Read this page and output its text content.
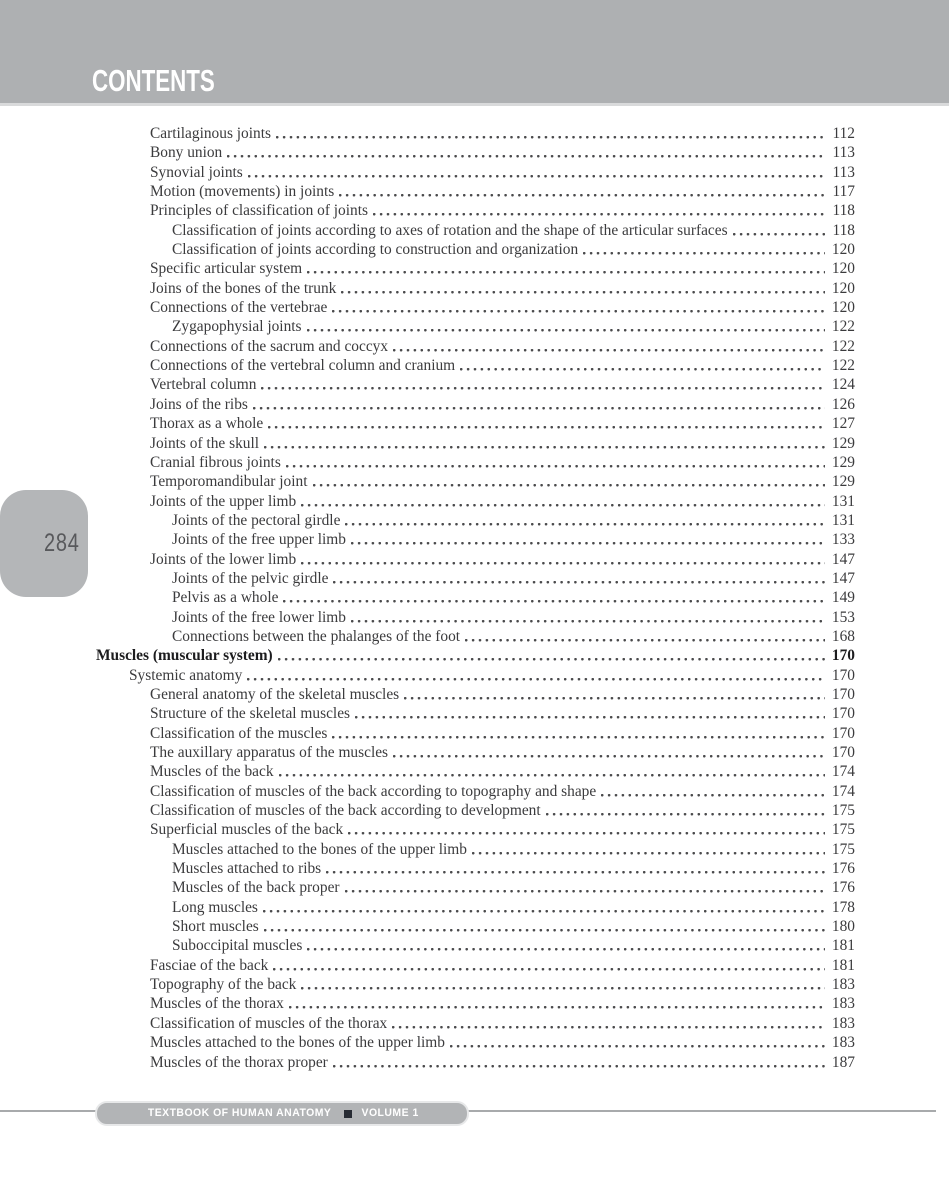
CONTENTS
Cartilaginous joints	112
Bony union	113
Synovial joints	113
Motion (movements) in joints	117
Principles of classification of joints	118
Classification of joints according to axes of rotation and the shape of the articular surfaces	118
Classification of joints according to construction and organization	120
Specific articular system	120
Joins of the bones of the trunk	120
Connections of the vertebrae	120
Zygapophysial joints	122
Connections of the sacrum and coccyx	122
Connections of the vertebral column and cranium	122
Vertebral column	124
Joins of the ribs	126
Thorax as a whole	127
Joints of the skull	129
Cranial fibrous joints	129
Temporomandibular joint	129
Joints of the upper limb	131
Joints of the pectoral girdle	131
Joints of the free upper limb	133
Joints of the lower limb	147
Joints of the pelvic girdle	147
Pelvis as a whole	149
Joints of the free lower limb	153
Connections between the phalanges of the foot	168
Muscles (muscular system)	170
Systemic anatomy	170
General anatomy of the skeletal muscles	170
Structure of the skeletal muscles	170
Classification of the muscles	170
The auxillary apparatus of the muscles	170
Muscles of the back	174
Classification of muscles of the back according to topography and shape	174
Classification of muscles of the back according to development	175
Superficial muscles of the back	175
Muscles attached to the bones of the upper limb	175
Muscles attached to ribs	176
Muscles of the back proper	176
Long muscles	178
Short muscles	180
Suboccipital muscles	181
Fasciae of the back	181
Topography of the back	183
Muscles of the thorax	183
Classification of muscles of the thorax	183
Muscles attached to the bones of the upper limb	183
Muscles of the thorax proper	187
284
TEXTBOOK OF HUMAN ANATOMY	VOLUME 1
